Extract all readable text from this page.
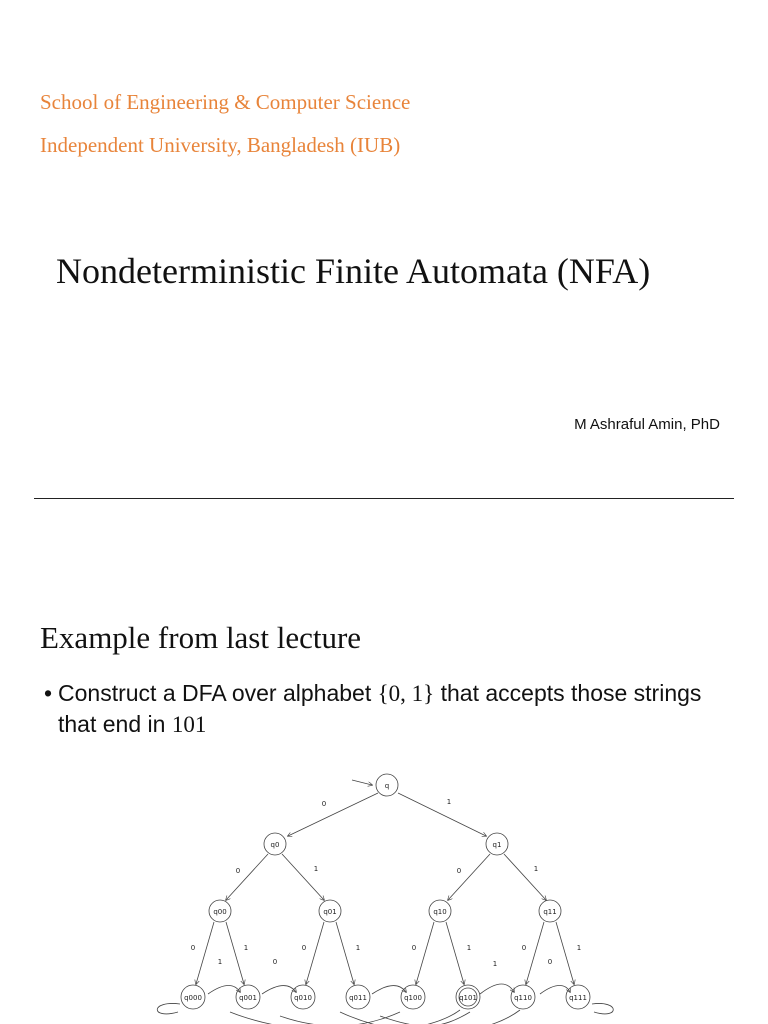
School of Engineering & Computer Science
Independent University, Bangladesh (IUB)
Nondeterministic Finite Automata (NFA)
M Ashraful Amin, PhD
Example from last lecture
• Construct a DFA over alphabet {0, 1} that accepts those strings that end in 101
q
q0	q1
q00	q01	q10	q11
q000	q001	q010	q011	q100	q101	q110	q111
0	1
0	1	0	1
0	1
1	0
0	1	0	1
1
0
0
1
